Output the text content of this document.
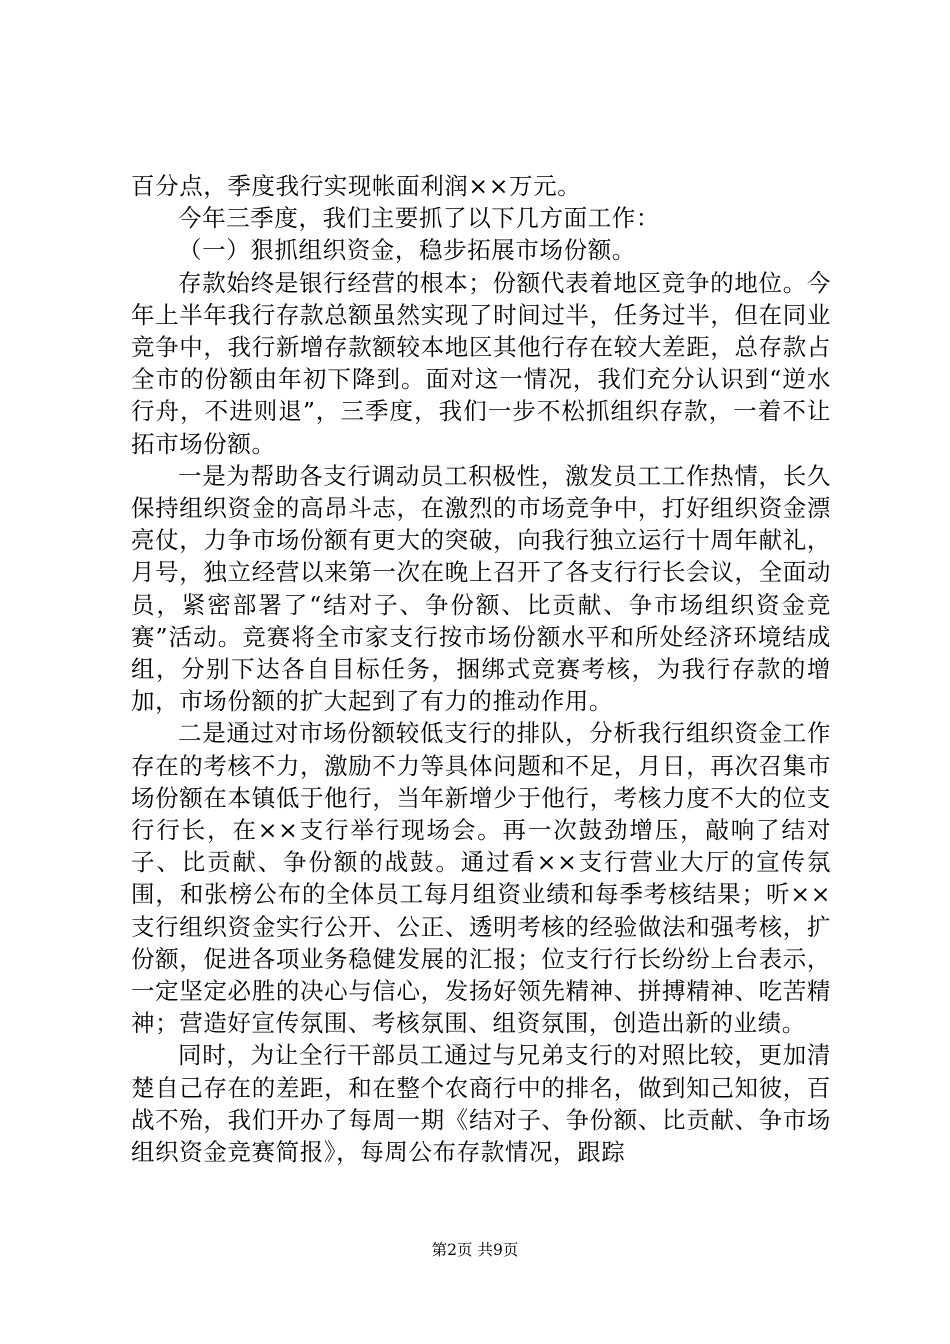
百分点，季度我行实现帐面利润××万元。

今年三季度，我们主要抓了以下几方面工作：

（一）狠抓组织资金，稳步拓展市场份额。

存款始终是银行经营的根本；份额代表着地区竞争的地位。今年上半年我行存款总额虽然实现了时间过半，任务过半，但在同业竞争中，我行新增存款额较本地区其他行存在较大差距，总存款占全市的份额由年初下降到。面对这一情况，我们充分认识到“逆水行舟，不进则退”，三季度，我们一步不松抓组织存款，一着不让拓市场份额。

一是为帮助各支行调动员工积极性，激发员工工作热情，长久保持组织资金的高昂斗志，在激烈的市场竞争中，打好组织资金漂亮仗，力争市场份额有更大的突破，向我行独立运行十周年献礼，月号，独立经营以来第一次在晚上召开了各支行行长会议，全面动员，紧密部署了“结对子、争份额、比贡献、争市场组织资金竞赛”活动。竞赛将全市家支行按市场份额水平和所处经济环境结成组，分别下达各自目标任务，捆绑式竞赛考核，为我行存款的增加，市场份额的扩大起到了有力的推动作用。

二是通过对市场份额较低支行的排队，分析我行组织资金工作存在的考核不力，激励不力等具体问题和不足，月日，再次召集市场份额在本镇低于他行，当年新增少于他行，考核力度不大的位支行行长，在××支行举行现场会。再一次鼓劲增压，敲响了结对子、比贡献、争份额的战鼓。通过看××支行营业大厅的宣传氛围，和张榜公布的全体员工每月组资业绩和每季考核结果；听××支行组织资金实行公开、公正、透明考核的经验做法和强考核，扩份额，促进各项业务稳健发展的汇报；位支行行长纷纷上台表示，一定坚定必胜的决心与信心，发扬好领先精神、拼搏精神、吃苦精神；营造好宣传氛围、考核氛围、组资氛围，创造出新的业绩。

同时，为让全行干部员工通过与兄弟支行的对照比较，更加清楚自己存在的差距，和在整个农商行中的排名，做到知己知彼，百战不殆，我们开办了每周一期《结对子、争份额、比贡献、争市场组织资金竞赛简报》，每周公布存款情况，跟踪

第2页 共9页
